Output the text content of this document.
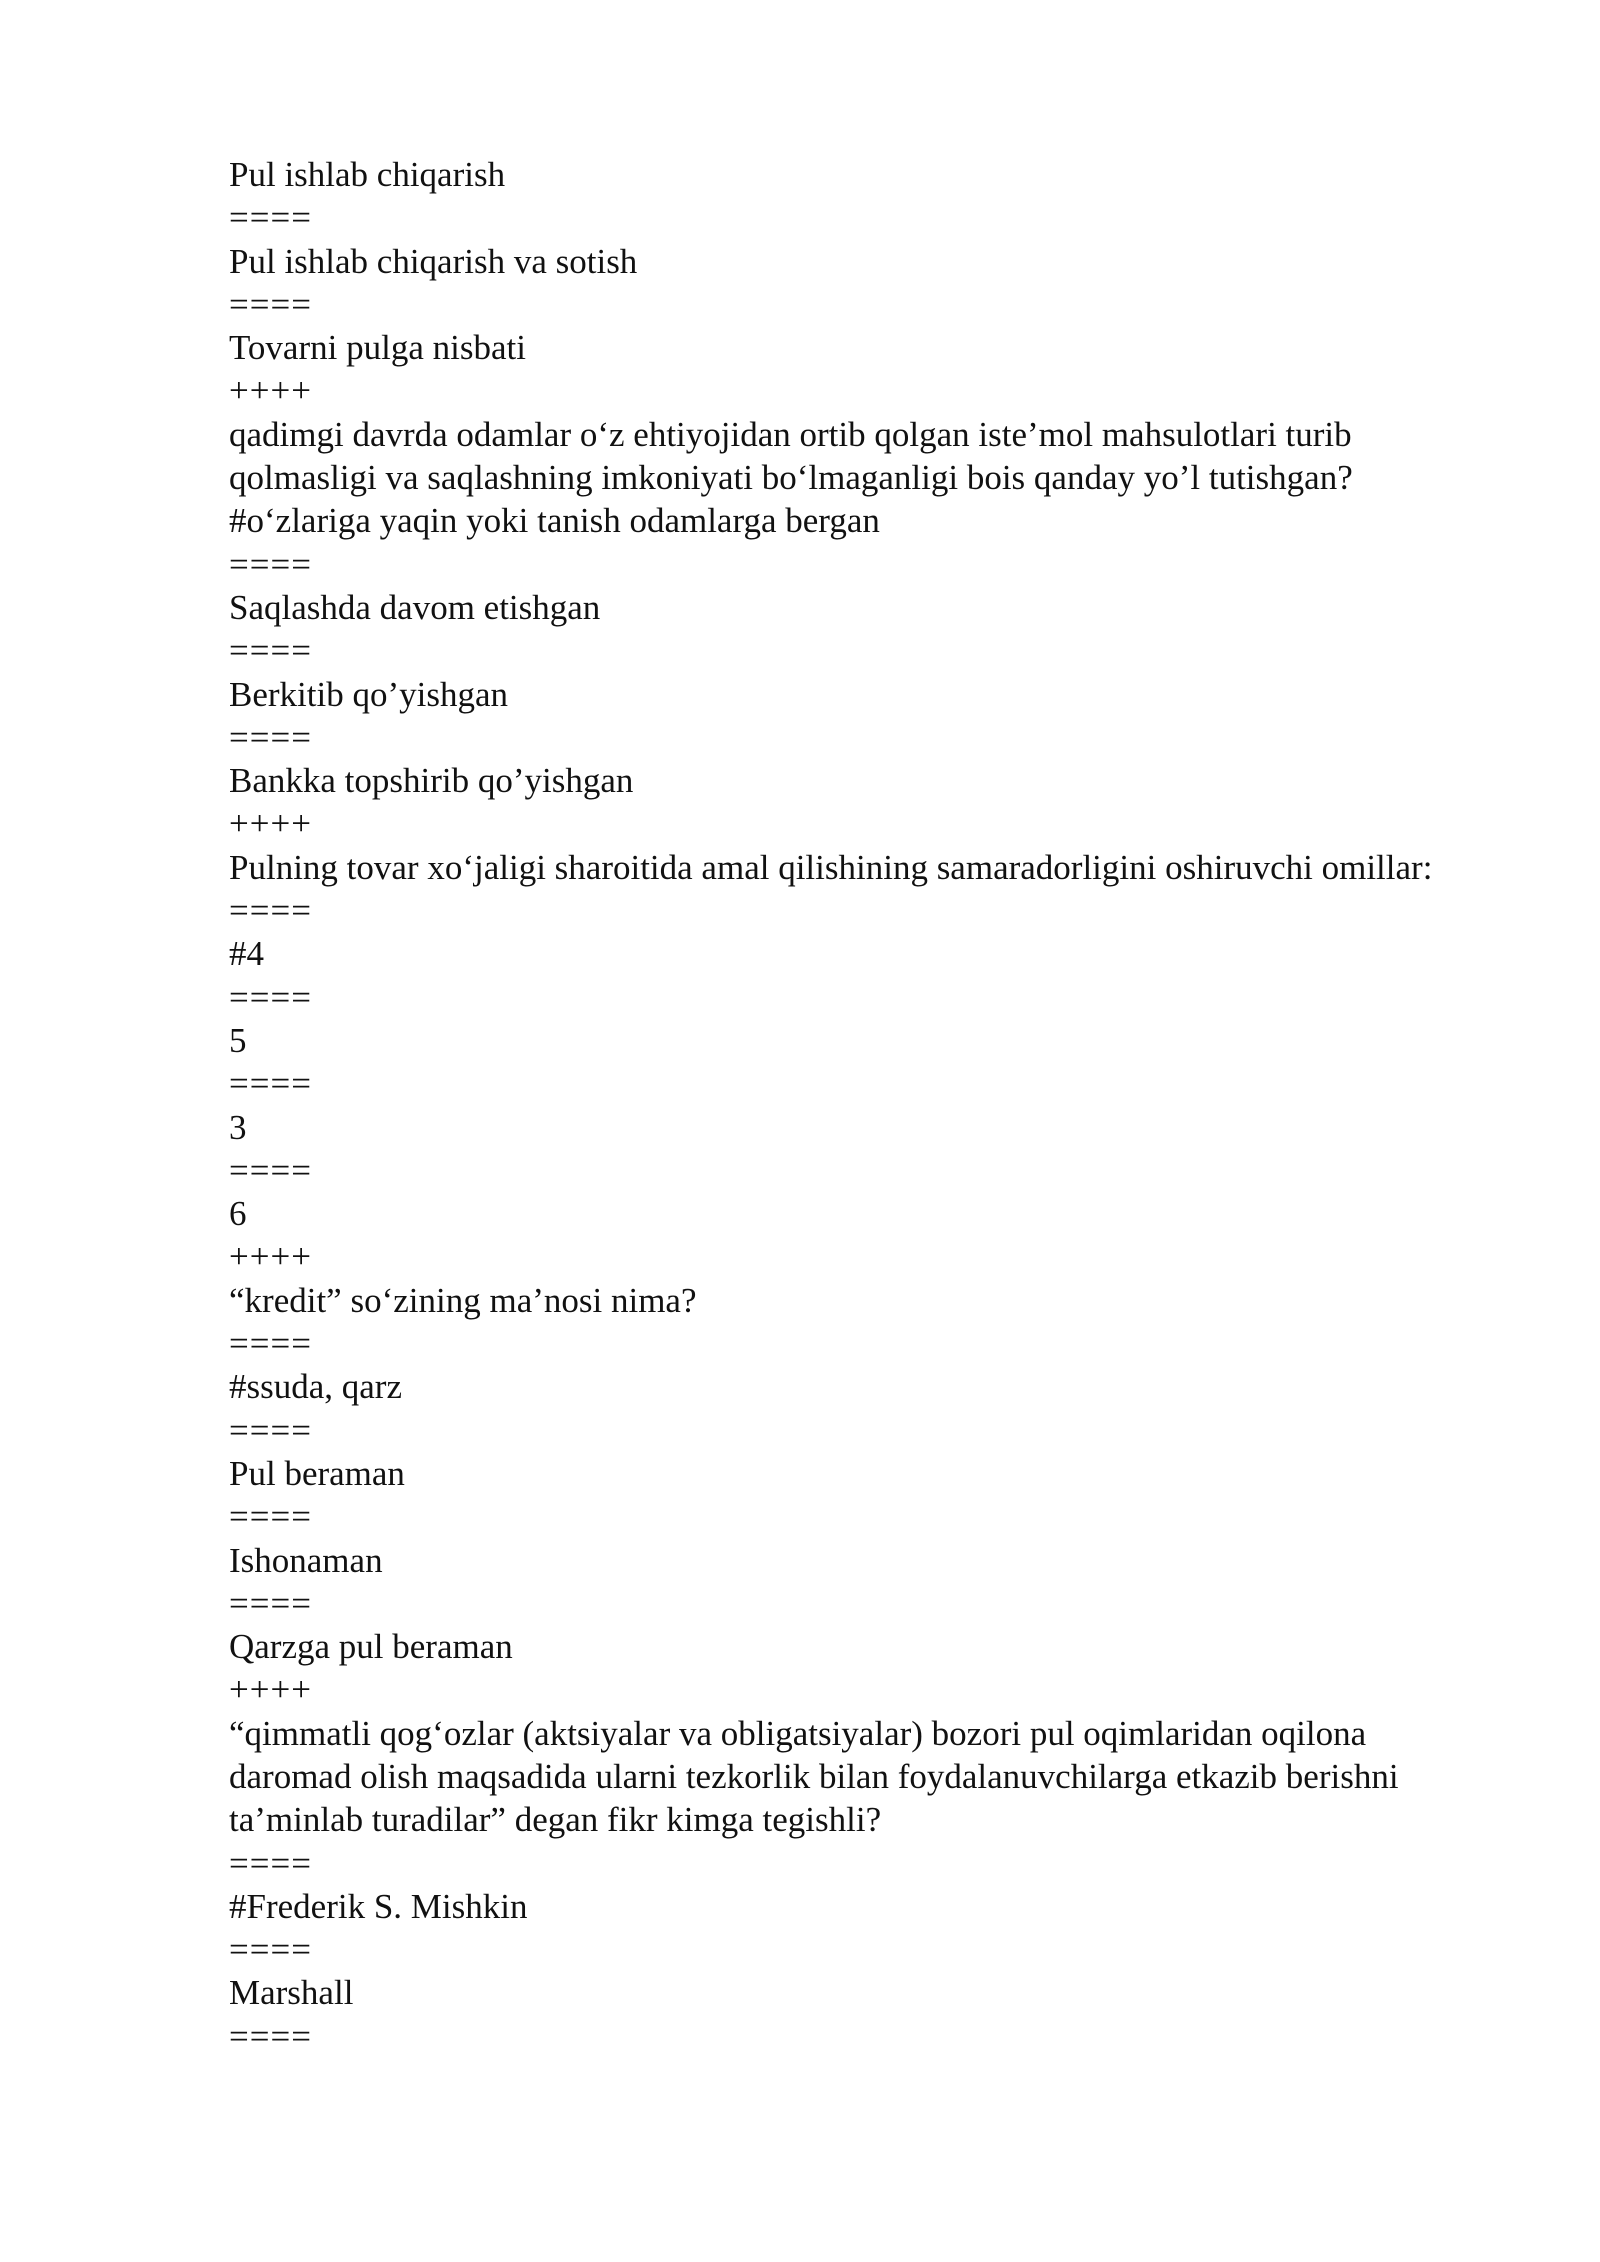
Pul ishlab chiqarish

====

Pul ishlab chiqarish va sotish

====

Tovarni pulga nisbati

++++

qadimgi davrda odamlar o‘z ehtiyojidan ortib qolgan iste’mol mahsulotlari turib qolmasligi va saqlashning imkoniyati bo‘lmaganligi bois qanday yo’l tutishgan?

#o‘zlariga yaqin yoki tanish odamlarga bergan

====

Saqlashda davom etishgan

====

Berkitib qo’yishgan

====

Bankka topshirib qo’yishgan

++++

Pulning tovar xo‘jaligi sharoitida amal qilishining samaradorligini oshiruvchi omillar:

====

#4

====

5

====

3

====

6

++++

“kredit” so‘zining ma’nosi nima?

====

#ssuda, qarz

====

Pul beraman

====

Ishonaman

====

Qarzga pul beraman

++++

“qimmatli qog‘ozlar (aktsiyalar va obligatsiyalar) bozori pul oqimlaridan oqilona daromad olish maqsadida ularni tezkorlik bilan foydalanuvchilarga etkazib berishni ta’minlab turadilar” degan fikr kimga tegishli?

====

#Frederik S. Mishkin

====

Marshall

====
